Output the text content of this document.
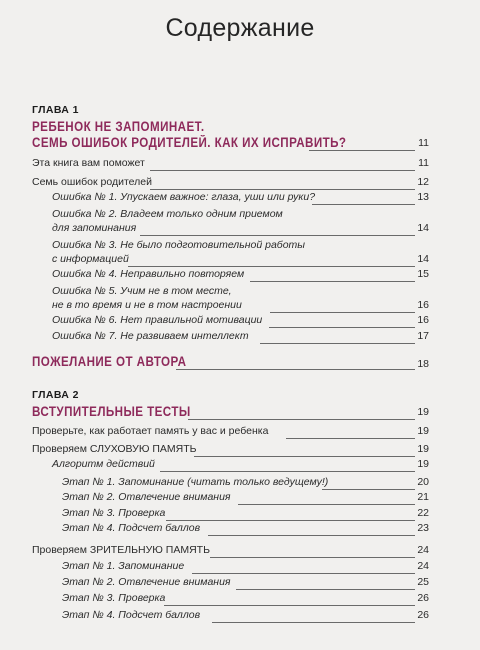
Содержание
ГЛАВА 1
РЕБЕНОК НЕ ЗАПОМИНАЕТ.
СЕМЬ ОШИБОК РОДИТЕЛЕЙ. КАК ИХ ИСПРАВИТЬ?	11
Эта книга вам поможет	11
Семь ошибок родителей	12
Ошибка № 1. Упускаем важное: глаза, уши или руки?	13
Ошибка № 2. Владеем только одним приемом
для запоминания	14
Ошибка № 3. Не было подготовительной работы
с информацией	14
Ошибка № 4. Неправильно повторяем	15
Ошибка № 5. Учим не в том месте,
не в то время и не в том настроении	16
Ошибка № 6. Нет правильной мотивации	16
Ошибка № 7. Не развиваем интеллект	17
ПОЖЕЛАНИЕ ОТ АВТОРА	18
ГЛАВА 2
ВСТУПИТЕЛЬНЫЕ ТЕСТЫ	19
Проверьте, как работает память у вас и ребенка	19
Проверяем СЛУХОВУЮ ПАМЯТЬ	19
Алгоритм действий	19
Этап № 1. Запоминание (читать только ведущему!)	20
Этап № 2. Отвлечение внимания	21
Этап № 3. Проверка	22
Этап № 4. Подсчет баллов	23
Проверяем ЗРИТЕЛЬНУЮ ПАМЯТЬ	24
Этап № 1. Запоминание	24
Этап № 2. Отвлечение внимания	25
Этап № 3. Проверка	26
Этап № 4. Подсчет баллов	26
